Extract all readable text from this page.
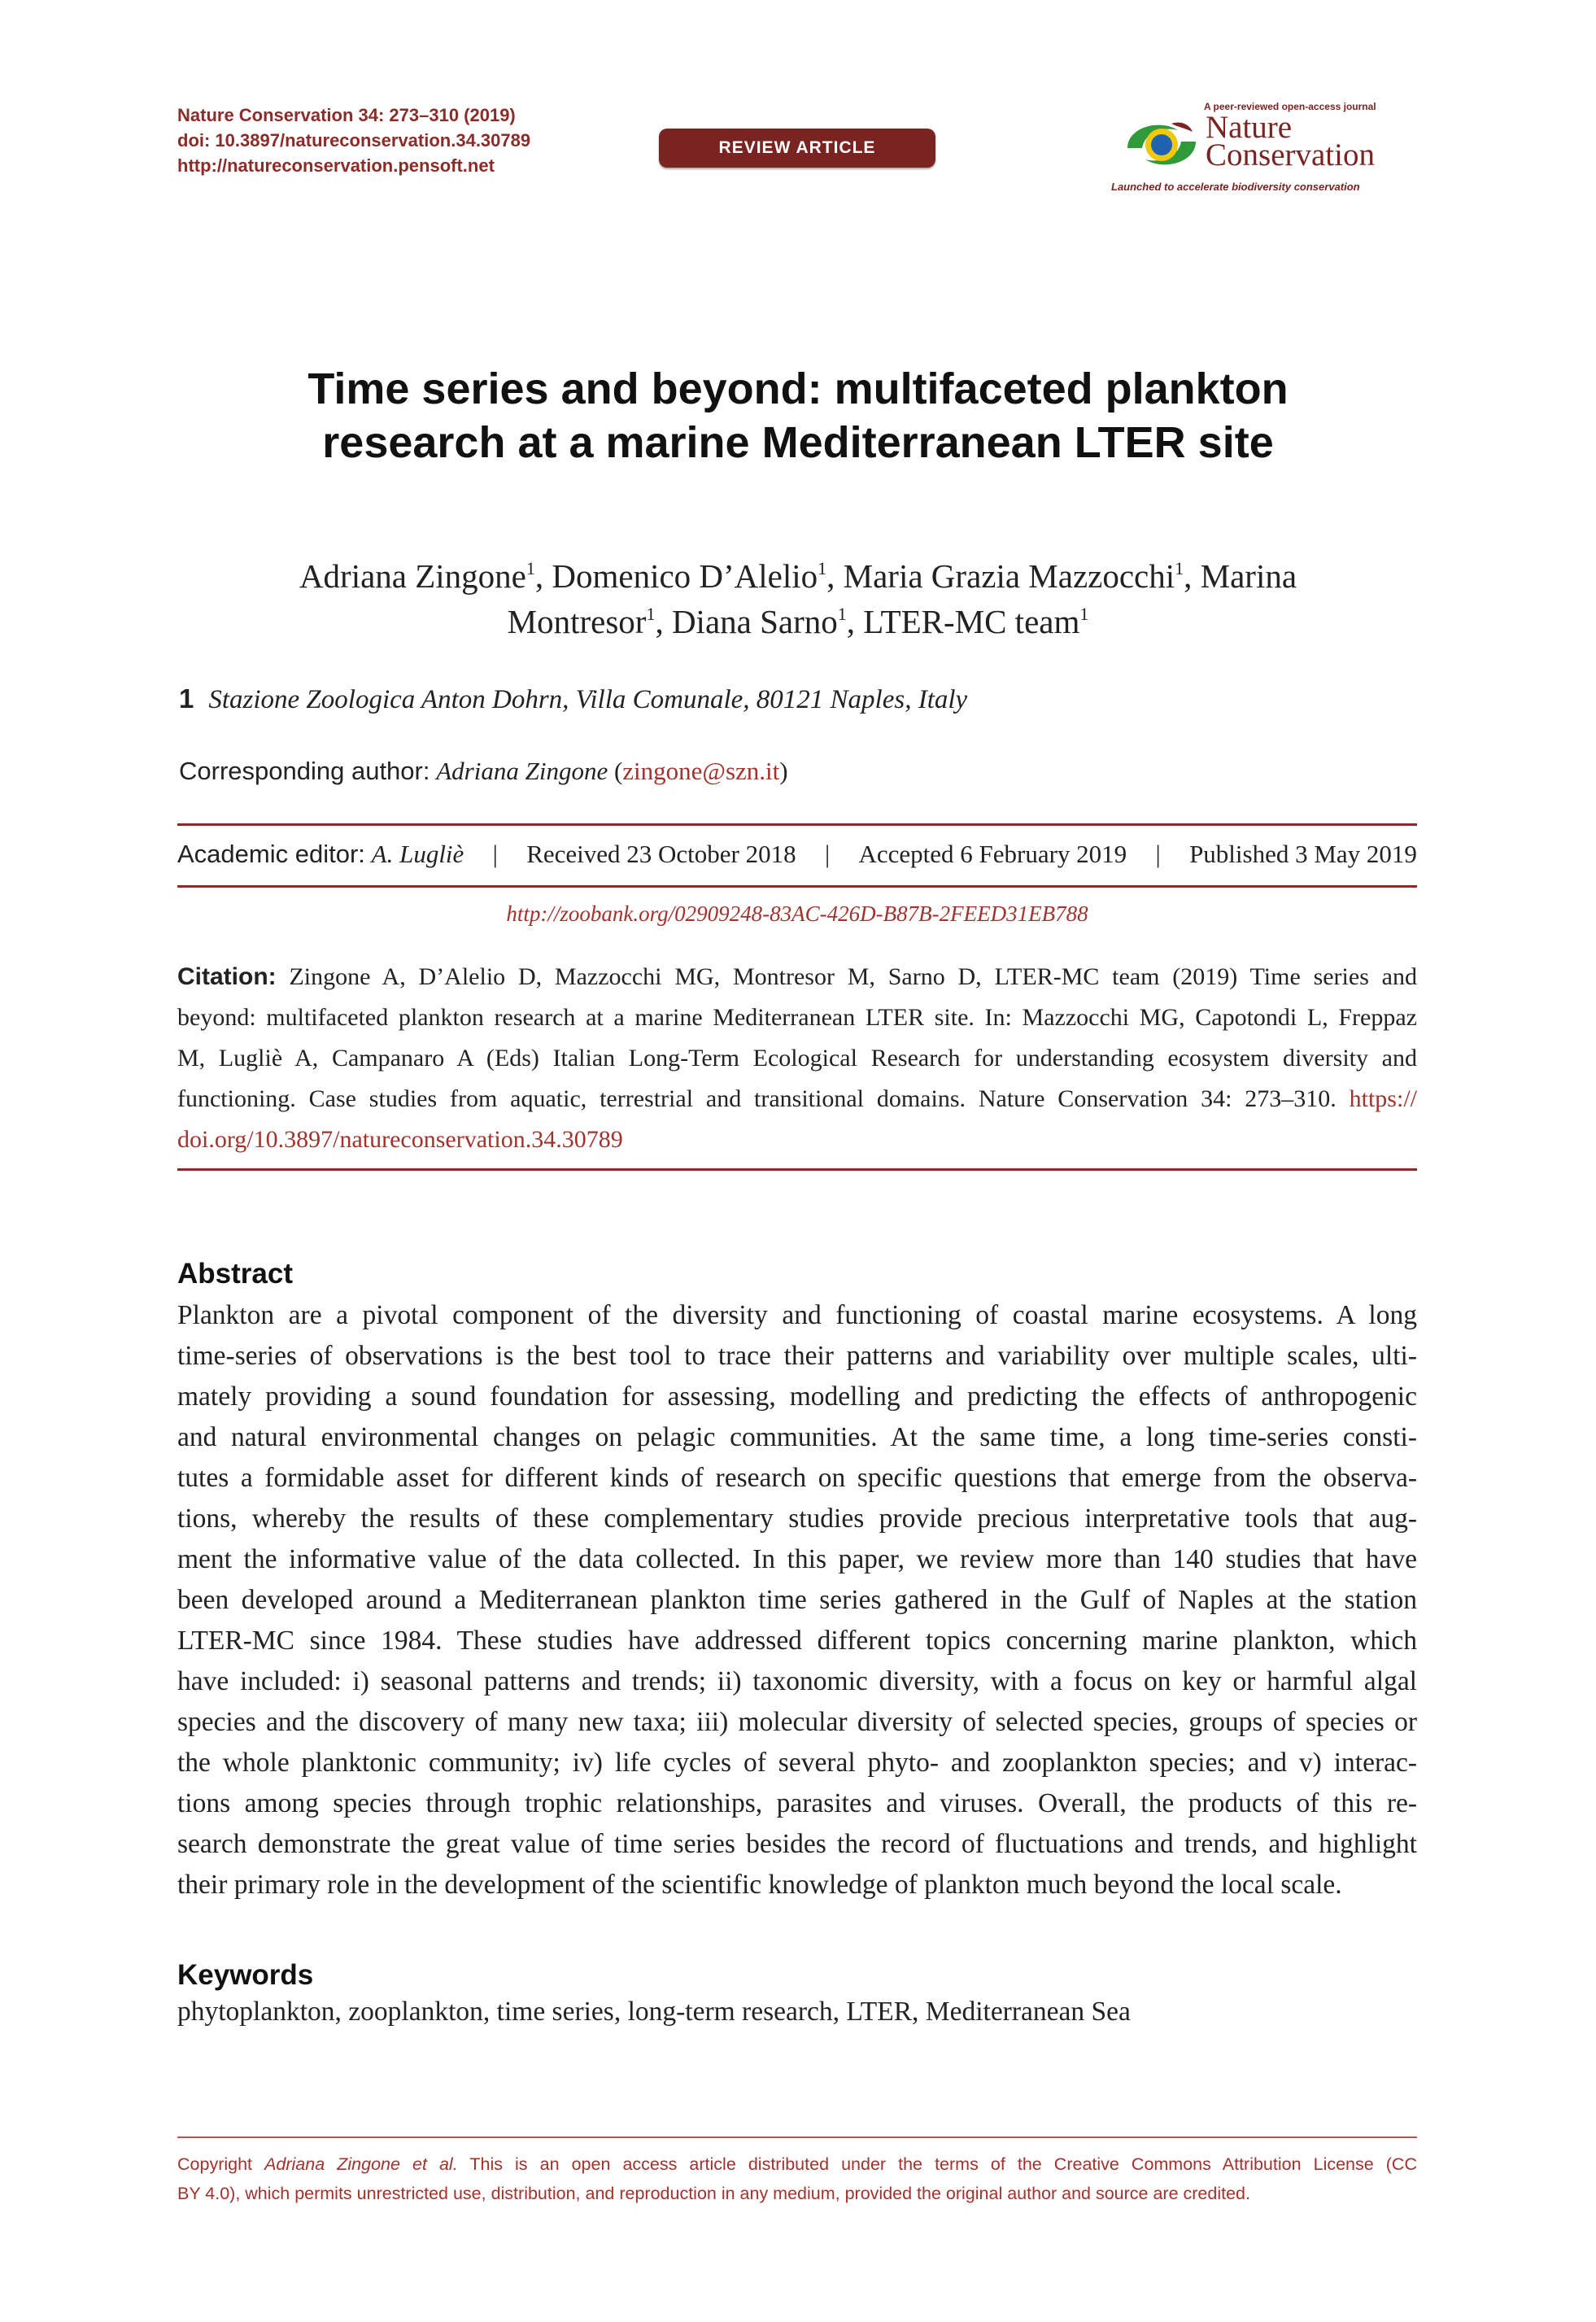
Nature Conservation 34: 273–310 (2019)
doi: 10.3897/natureconservation.34.30789
http://natureconservation.pensoft.net
REVIEW ARTICLE
A peer-reviewed open-access journal
Nature
Conservation
Launched to accelerate biodiversity conservation
Time series and beyond: multifaceted plankton
research at a marine Mediterranean LTER site
Adriana Zingone$^1$, Domenico D’Alelio$^1$, Maria Grazia Mazzocchi$^1$, Marina
Montresor$^1$, Diana Sarno$^1$, LTER-MC team$^1$
1 Stazione Zoologica Anton Dohrn, Villa Comunale, 80121 Naples, Italy
Corresponding author: Adriana Zingone (zingone@szn.it)
Academic editor: A. Lugliè | Received 23 October 2018 | Accepted 6 February 2019 | Published 3 May 2019
http://zoobank.org/02909248-83AC-426D-B87B-2FEED31EB788
Citation: Zingone A, D’Alelio D, Mazzocchi MG, Montresor M, Sarno D, LTER-MC team (2019) Time series and
beyond: multifaceted plankton research at a marine Mediterranean LTER site. In: Mazzocchi MG, Capotondi L, Freppaz
M, Lugliè A, Campanaro A (Eds) Italian Long-Term Ecological Research for understanding ecosystem diversity and
functioning. Case studies from aquatic, terrestrial and transitional domains. Nature Conservation 34: 273–310. https://
doi.org/10.3897/natureconservation.34.30789
Abstract
Plankton are a pivotal component of the diversity and functioning of coastal marine ecosystems. A long
time-series of observations is the best tool to trace their patterns and variability over multiple scales, ulti-
mately providing a sound foundation for assessing, modelling and predicting the effects of anthropogenic
and natural environmental changes on pelagic communities. At the same time, a long time-series consti-
tutes a formidable asset for different kinds of research on specific questions that emerge from the observa-
tions, whereby the results of these complementary studies provide precious interpretative tools that aug-
ment the informative value of the data collected. In this paper, we review more than 140 studies that have
been developed around a Mediterranean plankton time series gathered in the Gulf of Naples at the station
LTER-MC since 1984. These studies have addressed different topics concerning marine plankton, which
have included: i) seasonal patterns and trends; ii) taxonomic diversity, with a focus on key or harmful algal
species and the discovery of many new taxa; iii) molecular diversity of selected species, groups of species or
the whole planktonic community; iv) life cycles of several phyto- and zooplankton species; and v) interac-
tions among species through trophic relationships, parasites and viruses. Overall, the products of this re-
search demonstrate the great value of time series besides the record of fluctuations and trends, and highlight
their primary role in the development of the scientific knowledge of plankton much beyond the local scale.
Keywords
phytoplankton, zooplankton, time series, long-term research, LTER, Mediterranean Sea
Copyright Adriana Zingone et al. This is an open access article distributed under the terms of the Creative Commons Attribution License (CC
BY 4.0), which permits unrestricted use, distribution, and reproduction in any medium, provided the original author and source are credited.
